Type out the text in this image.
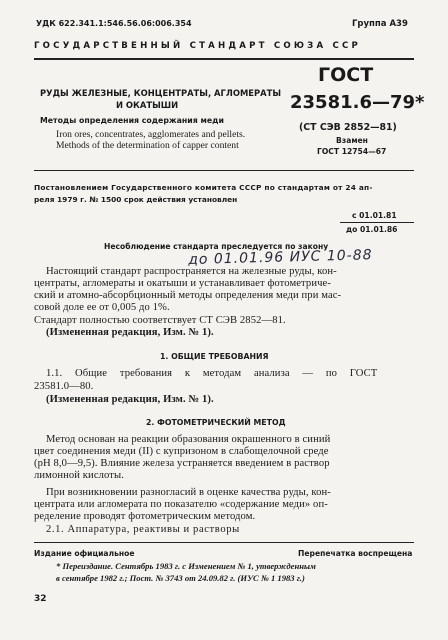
УДК 622.341.1:546.56.06:006.354	Группа А39
ГОСУДАРСТВЕННЫЙ СТАНДАРТ СОЮЗА ССР
РУДЫ ЖЕЛЕЗНЫЕ, КОНЦЕНТРАТЫ, АГЛОМЕРАТЫ
И ОКАТЫШИ
Методы определения содержания меди
Iron ores, concentrates, agglomerates and pellets.
Methods of the determination of capper content
ГОСТ
23581.6—79*
(СТ СЭВ 2852—81)
Взамен
ГОСТ 12754—67
Постановлением Государственного комитета СССР по стандартам от 24 ап-
реля 1979 г. № 1500 срок действия установлен
с 01.01.81
до 01.01.86
Несоблюдение стандарта преследуется по закону
до 01.01.96 ИУС 10-88
Настоящий стандарт распространяется на железные руды, кон-
центраты, агломераты и окатыши и устанавливает фотометриче-
ский и атомно-абсорбционный методы определения меди при мас-
совой доле ее от 0,005 до 1%.
Стандарт полностью соответствует СТ СЭВ 2852—81.
(Измененная редакция, Изм. № 1).
1. ОБЩИЕ ТРЕБОВАНИЯ
1.1. Общие требования к методам анализа — по ГОСТ
23581.0—80.
(Измененная редакция, Изм. № 1).
2. ФОТОМЕТРИЧЕСКИЙ МЕТОД
Метод основан на реакции образования окрашенного в синий
цвет соединения меди (II) с купризоном в слабощелочной среде
(рН 8,0—9,5). Влияние железа устраняется введением в раствор
лимонной кислоты.
При возникновении разногласий в оценке качества руды, кон-
центрата или агломерата по показателю «содержание меди» оп-
ределение проводят фотометрическим методом.
2.1. Аппаратура, реактивы и растворы
Издание официальное	Перепечатка воспрещена
* Переиздание. Сентябрь 1983 г. с Изменением № 1, утвержденным
в сентябре 1982 г.; Пост. № 3743 от 24.09.82 г. (ИУС № 1 1983 г.)
32
